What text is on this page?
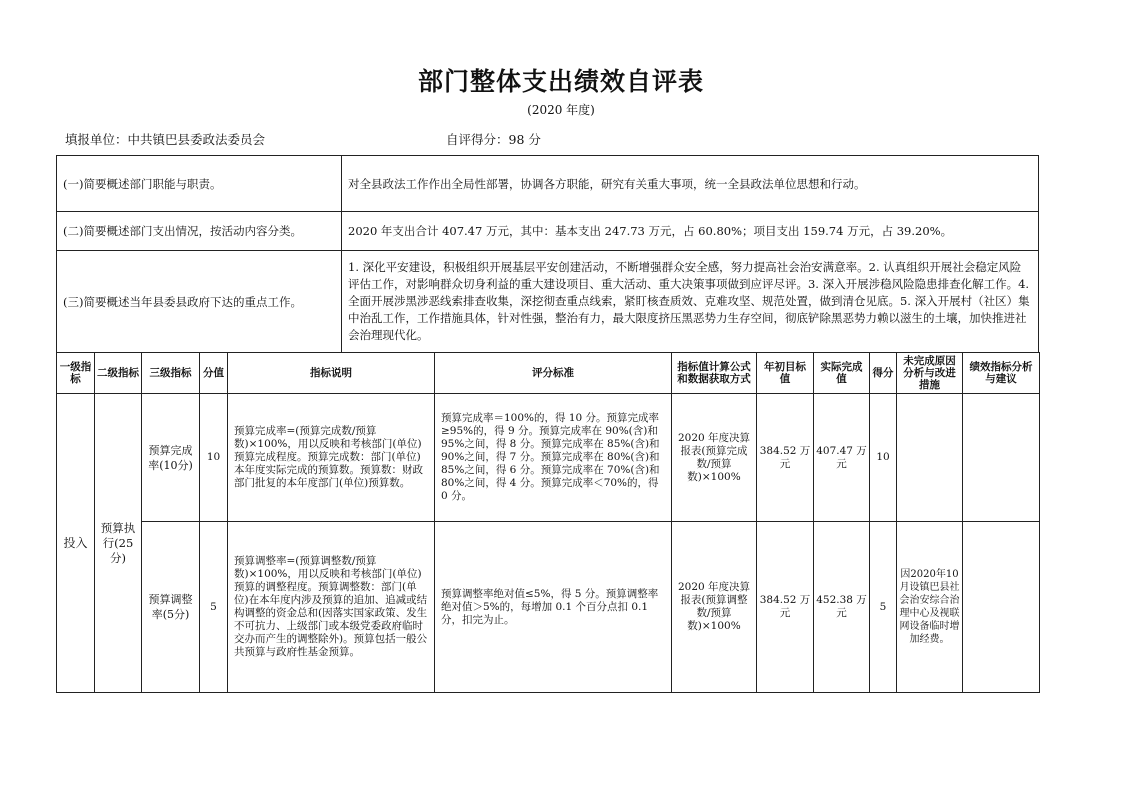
部门整体支出绩效自评表
(2020 年度)
填报单位：中共镇巴县委政法委员会	自评得分：98 分
(一)简要概述部门职能与职责。	对全县政法工作作出全局性部署，协调各方职能，研究有关重大事项，统一全县政法单位思想和行动。
(二)简要概述部门支出情况，按活动内容分类。	2020 年支出合计 407.47 万元，其中：基本支出 247.73 万元，占 60.80%；项目支出 159.74 万元，占 39.20%。
(三)简要概述当年县委县政府下达的重点工作。	1. 深化平安建设，积极组织开展基层平安创建活动，不断增强群众安全感，努力提高社会治安满意率。2. 认真组织开展社会稳定风险评估工作，对影响群众切身利益的重大建设项目、重大活动、重大决策事项做到应评尽评。3. 深入开展涉稳风险隐患排查化解工作。4. 全面开展涉黑涉恶线索排查收集，深挖彻查重点线索，紧盯核查质效、克难攻坚、规范处置，做到清仓见底。5. 深入开展村（社区）集中治乱工作，工作措施具体，针对性强，整治有力，最大限度挤压黑恶势力生存空间，彻底铲除黑恶势力赖以滋生的土壤，加快推进社会治理现代化。

一级指标	二级指标	三级指标	分值	指标说明	评分标准	指标值计算公式和数据获取方式	年初目标值	实际完成值	得分	未完成原因分析与改进措施	绩效指标分析与建议
投入	预算执行(25分)	预算完成率(10分)	10	预算完成率=(预算完成数/预算数)×100%，用以反映和考核部门(单位)预算完成程度。预算完成数：部门(单位)本年度实际完成的预算数。预算数：财政部门批复的本年度部门(单位)预算数。	预算完成率＝100%的，得 10 分。预算完成率≥95%的，得 9 分。预算完成率在 90%(含)和 95%之间，得 8 分。预算完成率在 85%(含)和 90%之间，得 7 分。预算完成率在 80%(含)和 85%之间，得 6 分。预算完成率在 70%(含)和 80%之间，得 4 分。预算完成率＜70%的，得 0 分。	2020 年度决算报表(预算完成数/预算数)×100%	384.52 万元	407.47 万元	10		
		预算调整率(5分)	5	预算调整率=(预算调整数/预算数)×100%，用以反映和考核部门(单位)预算的调整程度。预算调整数：部门(单位)在本年度内涉及预算的追加、追减或结构调整的资金总和(因落实国家政策、发生不可抗力、上级部门或本级党委政府临时交办而产生的调整除外)。预算包括一般公共预算与政府性基金预算。	预算调整率绝对值≤5%，得 5 分。预算调整率绝对值＞5%的，每增加 0.1 个百分点扣 0.1 分，扣完为止。	2020 年度决算报表(预算调整数/预算数)×100%	384.52 万元	452.38 万元	5	因2020年10月设镇巴县社会治安综合治理中心及视联网设备临时增加经费。	
